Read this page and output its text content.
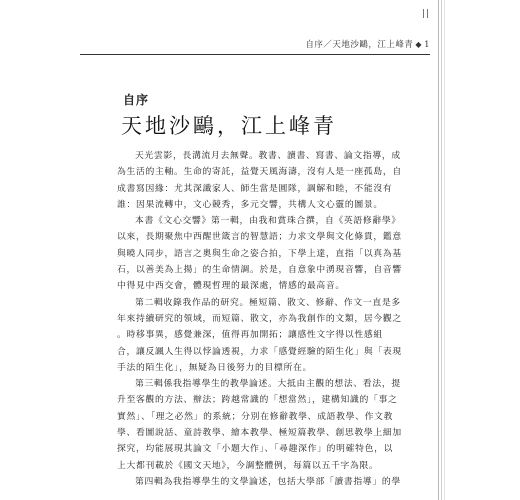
自序／天地沙鷗，江上峰青 ◆ 1
自序
天地沙鷗，江上峰青
天光雲影，長溝流月去無聲。教書、讀書、寫書、論文指導，成
為生活的主軸。生命的寄託，益覺天風海濤，沒有人是一座孤島，自
成書寫因緣：尤其深識家人、師生當是圓隊，調解和睦，不能沒有
誰：因果流轉中，文心競秀，多元交響，共構人文心靈的圖景。
本書《文心交響》第一輯，由我和賞珠合撰，自《英語修辭學》
以來，長期聚焦中西醒世箴言的智慧語；力求文學與文化條貫，鑑意
與曉人同步，語言之奧與生命之姿合拍，下學上達，直指「以真為基
石，以善美為上揚」的生命情調。於是，自意象中湧現音響，自音響
中得見中西交會，體現哲理的最深處，情感的最高音。
第二輯收錄我作品的研究。極短篇、散文、修辭、作文一直是多
年來持續研究的領域，而短篇、散文，亦為我創作的文類，居今觀之
。時移事異，感覺兼深，值得再加開拓；讓感性文字得以性感組
合，讓反諷人生得以悖論透視，力求「感覺經驗的陌生化」與「表現
手法的陌生化」，無疑為日後努力的目標所在。
第三輯係我指導學生的教學論述。大抵由主觀的想法、看法，提
升至客觀的方法、辦法；跨越常識的「想當然」，建構知識的「事之
實然」、「理之必然」的系統；分別在修辭教學、成語教學、作文教
學、看圖說話、童詩教學、繪本教學、極短篇教學、創思教學上細加
探究，均能展現其論文「小題大作」、「尋趣深作」的明確特色，以
上大都刊載於《國文天地》，今調整體例，每篇以五千字為限。
第四輯為我指導學生的文學論述，包括大學部「讀書指導」的學
